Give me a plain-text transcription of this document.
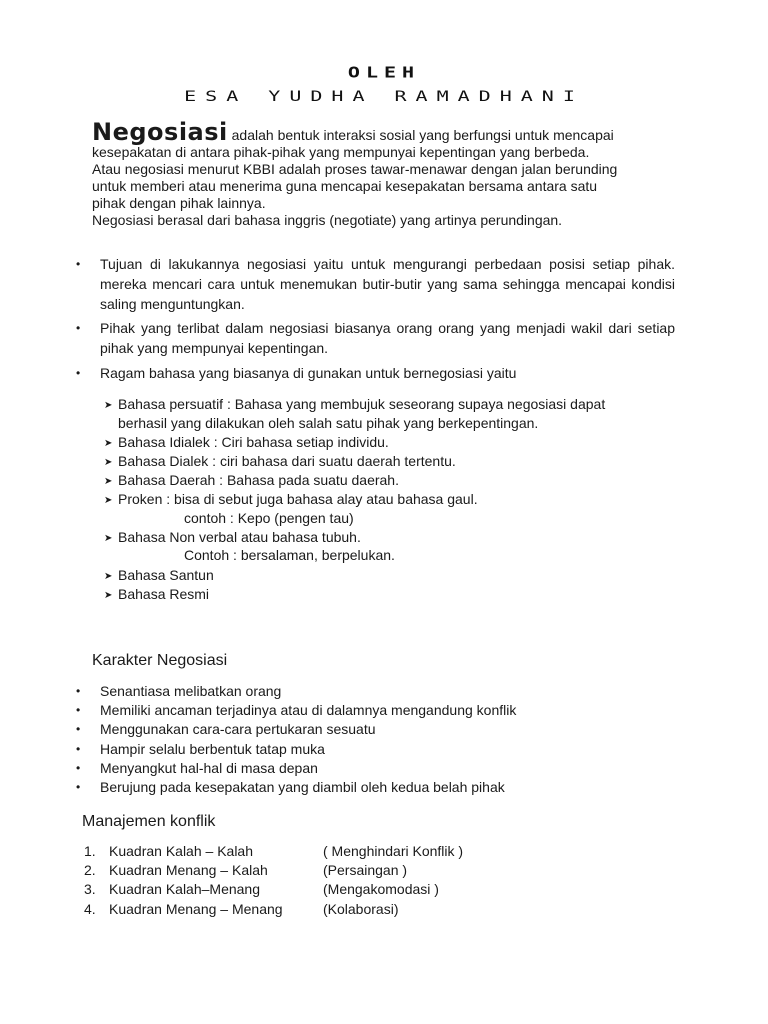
OLEH
ESA YUDHA RAMADHANI

Negosiasi adalah bentuk interaksi sosial yang berfungsi untuk mencapai

kesepakatan di antara pihak-pihak yang mempunyai kepentingan yang berbeda.

Atau negosiasi menurut KBBI adalah proses tawar-menawar dengan jalan berunding

untuk memberi atau menerima guna mencapai kesepakatan bersama antara satu

pihak dengan pihak lainnya.

Negosiasi berasal dari bahasa inggris (negotiate) yang artinya perundingan.

• Tujuan di lakukannya negosiasi yaitu untuk mengurangi perbedaan posisi setiap pihak. mereka mencari cara untuk menemukan butir-butir yang sama sehingga mencapai kondisi saling menguntungkan.
• Pihak yang terlibat dalam negosiasi biasanya orang orang yang menjadi wakil dari setiap pihak yang mempunyai kepentingan.
• Ragam bahasa yang biasanya di gunakan untuk bernegosiasi yaitu
➤ Bahasa persuatif : Bahasa yang membujuk seseorang supaya negosiasi dapat
berhasil yang dilakukan oleh salah satu pihak yang berkepentingan.
➤ Bahasa Idialek : Ciri bahasa setiap individu.
➤ Bahasa Dialek : ciri bahasa dari suatu daerah tertentu.
➤ Bahasa Daerah : Bahasa pada suatu daerah.
➤ Proken : bisa di sebut juga bahasa alay atau bahasa gaul.
contoh : Kepo (pengen tau)
➤ Bahasa Non verbal atau bahasa tubuh.
Contoh : bersalaman, berpelukan.
➤ Bahasa Santun
➤ Bahasa Resmi
Karakter Negosiasi
• Senantiasa melibatkan orang
• Memiliki ancaman terjadinya atau di dalamnya mengandung konflik
• Menggunakan cara-cara pertukaran sesuatu
• Hampir selalu berbentuk tatap muka
• Menyangkut hal-hal di masa depan
• Berujung pada kesepakatan yang diambil oleh kedua belah pihak
Manajemen konflik
1. Kuadran Kalah – Kalah	( Menghindari Konflik )
2. Kuadran Menang – Kalah	(Persaingan )
3. Kuadran Kalah–Menang	(Mengakomodasi )
4. Kuadran Menang – Menang	(Kolaborasi)
